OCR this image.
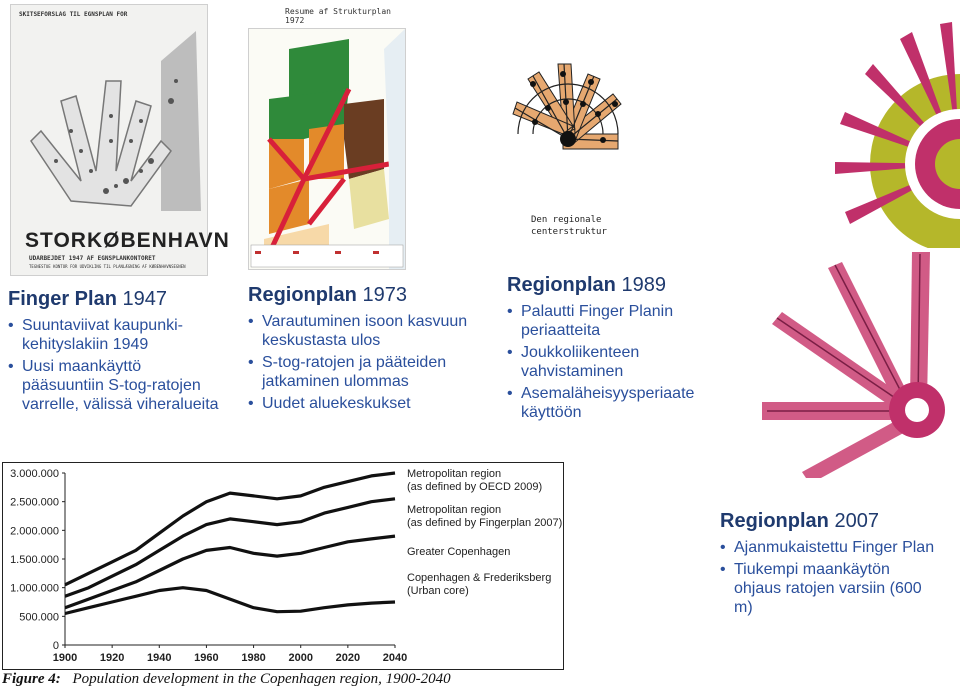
SKITSEFORSLAG TIL EGNSPLAN FOR
STORKØBENHAVN
UDARBEJDET 1947 AF EGNSPLANKONTORET
TEGNESTUE KONTOR FOR UDVIKLING TIL PLANLÆGNING AF KØBENHAVNSEGNEN
Resume af Strukturplan 1972
Den regionale
centerstruktur
Finger Plan 1947
• Suuntaviivat kaupunki-kehityslakiin 1949
• Uusi maankäyttö pääsuuntiin S-tog-ratojen varrelle, välissä viheralueita
Regionplan 1973
• Varautuminen isoon kasvuun keskustasta ulos
• S-tog-ratojen ja pääteiden jatkaminen ulommas
• Uudet aluekeskukset
Regionplan 1989
• Palautti Finger Planin periaatteita
• Joukkoliikenteen vahvistaminen
• Asemaläheisyysperiaate käyttöön
Regionplan 2007
• Ajanmukaistettu Finger Plan
• Tiukempi maankäytön ohjaus ratojen varsiin (600 m)
0
500.000
1.000.000
1.500.000
2.000.000
2.500.000
3.000.000
1900 1920 1940 1960 1980 2000 2020 2040
Metropolitan region
(as defined by OECD 2009)
Metropolitan region
(as defined by Fingerplan 2007)
Greater Copenhagen
Copenhagen & Frederiksberg
(Urban core)
Figure 4: Population development in the Copenhagen region, 1900-2040
